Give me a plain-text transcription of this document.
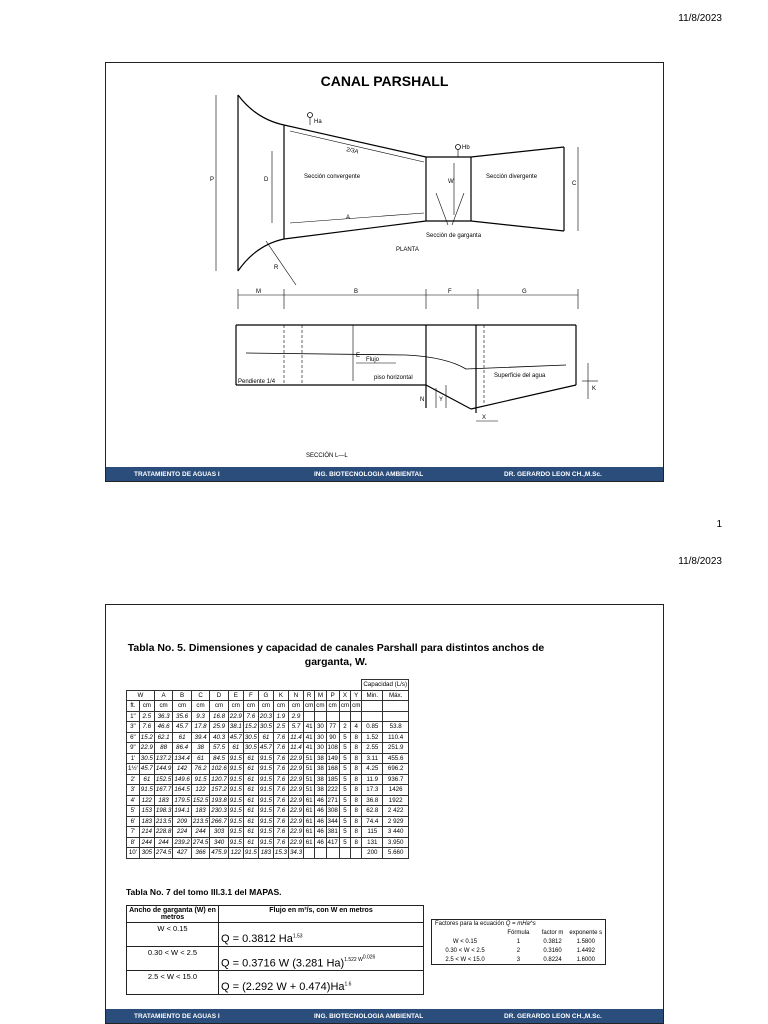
11/8/2023
1
11/8/2023
CANAL PARSHALL
Ha
Hb
2/3A
Sección convergente	Sección divergente
Sección de garganta
PLANTA
A
P	D	W	C
R
M	B	F	G
E
Flujo
piso horizontal	Superficie del agua
Pendiente 1/4
K
N Y
X
SECCIÓN L—L
TRATAMIENTO DE AGUAS I	ING. BIOTECNOLOGIA AMBIENTAL	DR. GERARDO LEON CH.,M.Sc.
Tabla No. 5. Dimensiones y capacidad de canales Parshall para distintos anchos de garganta, W.
																Capacidad (L/s)	
W		A	B	C	D	E	F	G	K	N	R	M	P	X	Y	Min.	Máx.
ft.	cm	cm	cm	cm	cm	cm	cm	cm	cm	cm	cm	cm	cm	cm	cm		
1"	2.5	36.3	35.6	9.3	16.8	22.9	7.6	20.3	1.9	2.9							
3"	7.6	46.6	45.7	17.8	25.9	38.1	15.2	30.5	2.5	5.7	41	30	77	2	4	0.85	53.8
6"	15.2	62.1	61	39.4	40.3	45.7	30.5	61	7.6	11.4	41	30	90	5	8	1.52	110.4
9"	22.9	88	86.4	38	57.5	61	30.5	45.7	7.6	11.4	41	30	108	5	8	2.55	251.9
1'	30.5	137.2	134.4	61	84.5	91.5	61	91.5	7.6	22.9	51	38	149	5	8	3.11	455.6
1½'	45.7	144.9	142	76.2	102.6	91.5	61	91.5	7.6	22.9	51	38	168	5	8	4.25	696.2
2'	61	152.5	149.6	91.5	120.7	91.5	61	91.5	7.6	22.9	51	38	185	5	8	11.9	936.7
3'	91.5	167.7	164.5	122	157.2	91.5	61	91.5	7.6	22.9	51	38	222	5	8	17.3	1426
4'	122	183	179.5	152.5	193.8	91.5	61	91.5	7.6	22.9	61	46	271	5	8	36.8	1922
5'	153	198.3	194.1	183	230.3	91.5	61	91.5	7.6	22.9	61	46	308	5	8	62.8	2 422
6'	183	213.5	209	213.5	266.7	91.5	61	91.5	7.6	22.9	61	46	344	5	8	74.4	2 929
7'	214	228.8	224	244	303	91.5	61	91.5	7.6	22.9	61	46	381	5	8	115	3 440
8'	244	244	239.2	274.5	340	91.5	61	91.5	7.6	22.9	61	46	417	5	8	131	3.950
10'	305	274.5	427	366	475.9	122	91.5	183	15.3	34.3						200	5.660
Tabla No. 7 del tomo III.3.1 del MAPAS.
Ancho de garganta (W) en metros	Flujo en m³/s, con W en metros
W < 0.15	Q = 0.3812 $Ha^{1.53}$
0.30 < W < 2.5	Q = 0.3716 W (3.281 Ha)$^{1.522 W^{0.026}}$
2.5 < W < 15.0	Q = (2.292 $W + 0.474)Ha^{1.6}$
Factores para la ecuación Q = mHa^s			
	Fórmula	factor m	exponente s
W < 0.15	1	0.3812	1.5800
0.30 < W < 2.5	2	0.3160	1.4492
2.5 < W < 15.0	3	0.8224	1.6000
TRATAMIENTO DE AGUAS I	ING. BIOTECNOLOGIA AMBIENTAL	DR. GERARDO LEON CH.,M.Sc.
